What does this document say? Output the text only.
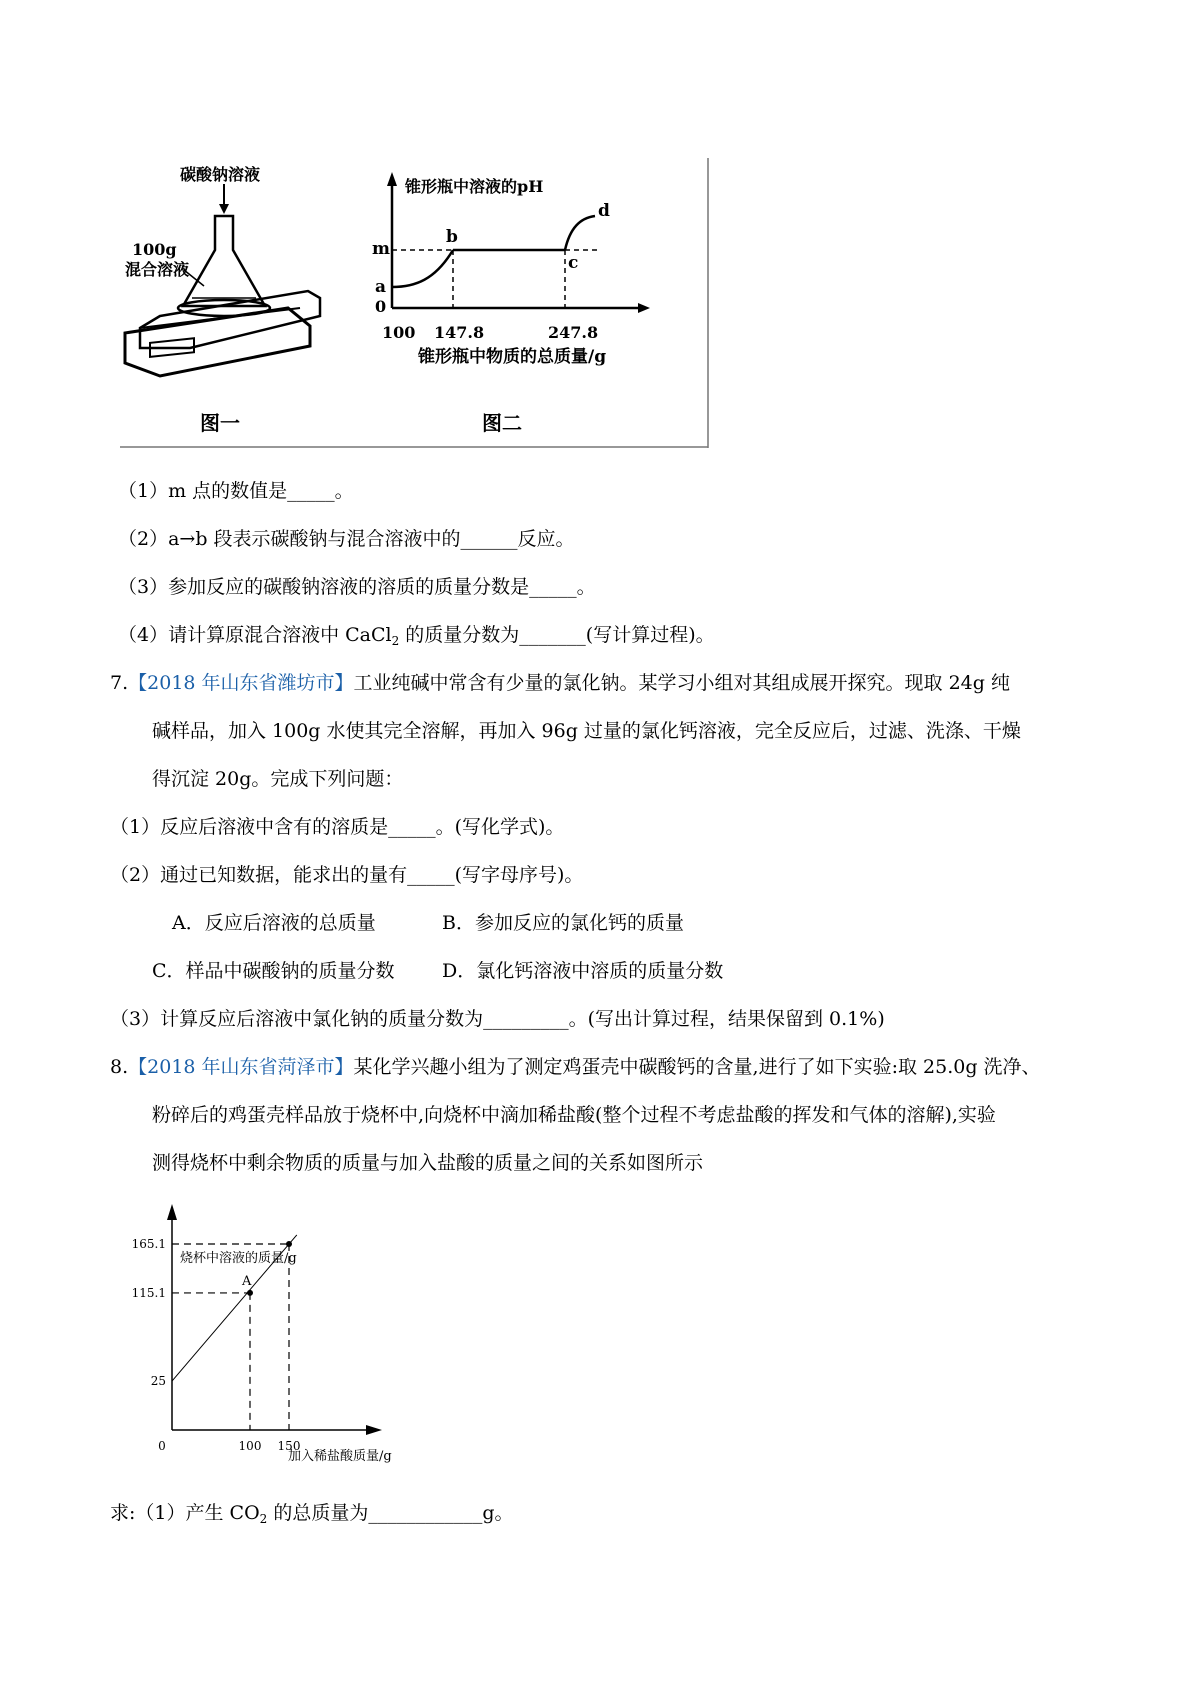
碳酸钠溶液
100g
混合溶液
图一
锥形瓶中溶液的pH
m
a
0
b
c
d
100 147.8	247.8
锥形瓶中物质的总质量/g
图二
（1）m 点的数值是_____。
（2）a→b 段表示碳酸钠与混合溶液中的______反应。
（3）参加反应的碳酸钠溶液的溶质的质量分数是_____。
（4）请计算原混合溶液中 CaCl$_2$ 的质量分数为_______(写计算过程)。
7.【2018 年山东省潍坊市】工业纯碱中常含有少量的氯化钠。某学习小组对其组成展开探究。现取 24g 纯
碱样品，加入 100g 水使其完全溶解，再加入 96g 过量的氯化钙溶液，完全反应后，过滤、洗涤、干燥
得沉淀 20g。完成下列问题：
（1）反应后溶液中含有的溶质是_____。(写化学式)。
（2）通过已知数据，能求出的量有_____(写字母序号)。
A．反应后溶液的总质量	B．参加反应的氯化钙的质量
C．样品中碳酸钠的质量分数 D．氯化钙溶液中溶质的质量分数
（3）计算反应后溶液中氯化钠的质量分数为_________。(写出计算过程，结果保留到 0.1%)
8.【2018 年山东省菏泽市】某化学兴趣小组为了测定鸡蛋壳中碳酸钙的含量,进行了如下实验:取 25.0g 洗净、
粉碎后的鸡蛋壳样品放于烧杯中,向烧杯中滴加稀盐酸(整个过程不考虑盐酸的挥发和气体的溶解),实验
测得烧杯中剩余物质的质量与加入盐酸的质量之间的关系如图所示
烧杯中溶液的质量/g
加入稀盐酸质量/g
A
25
115.1
165.1
0	100 150
求:（1）产生 $CO_2$ 的总质量为____________g。
